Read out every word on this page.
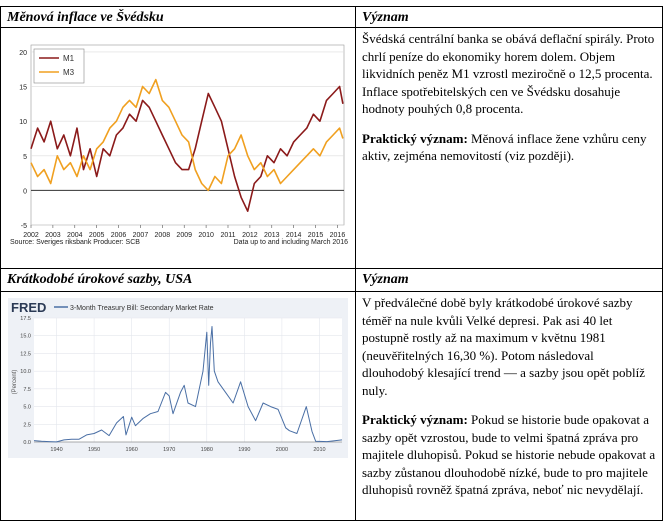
Měnová inflace ve Švédsku	Význam
-5
0
5
10
15
20
2002 2003 2004 2005 2006 2007 2008 2009 2010 2011 2012 2013 2014 2015 2016
M1
M3
Source: Sveriges riksbank Producer: SCB	Data up to and including March 2016

Švédská centrální banka se obává deflační spirály. Proto chrlí peníze do ekonomiky horem dolem. Objem likvidních peněz M1 vzrostl meziročně o 12,5 procenta. Inflace spotřebitelských cen ve Švédsku dosahuje hodnoty pouhých 0,8 procenta.

Praktický význam: Měnová inflace žene vzhůru ceny aktiv, zejména nemovitostí (viz později).

Krátkodobé úrokové sazby, USA	Význam
FRED	3-Month Treasury Bill: Secondary Market Rate
0.0
2.5
5.0
7.5
10.0
12.5
15.0
17.5
1940	1950	1960	1970	1980	1990	2000	2010
(Percent)

V předválečné době byly krátkodobé úrokové sazby téměř na nule kvůli Velké depresi. Pak asi 40 let postupně rostly až na maximum v květnu 1981 (neuvěřitelných 16,30 %). Potom následoval dlouhodobý klesající trend — a sazby jsou opět poblíž nuly.

Praktický význam: Pokud se historie bude opakovat a sazby opět vzrostou, bude to velmi špatná zpráva pro majitele dluhopisů. Pokud se historie nebude opakovat a sazby zůstanou dlouhodobě nízké, bude to pro majitele dluhopisů rovněž špatná zpráva, neboť nic nevydělají.
